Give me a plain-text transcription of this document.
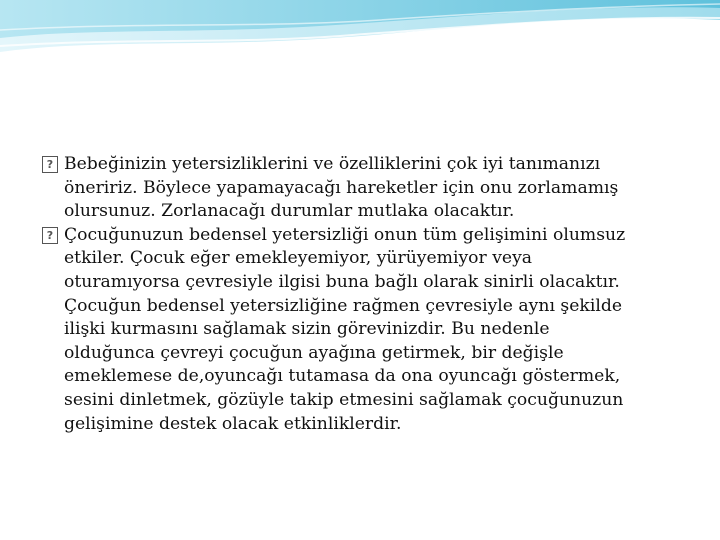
? Bebeğinizin yetersizliklerini ve özelliklerini çok iyi tanımanızı
öneririz. Böylece yapamayacağı hareketler için onu zorlamamış
olursunuz. Zorlanacağı durumlar mutlaka olacaktır.
? Çocuğunuzun bedensel yetersizliği onun tüm gelişimini olumsuz
etkiler. Çocuk eğer emekleyemiyor, yürüyemiyor veya
oturamıyorsa çevresiyle ilgisi buna bağlı olarak sinirli olacaktır.
Çocuğun bedensel yetersizliğine rağmen çevresiyle aynı şekilde
ilişki kurmasını sağlamak sizin görevinizdir. Bu nedenle
olduğunca çevreyi çocuğun ayağına getirmek, bir değişle
emeklemese de,oyuncağı tutamasa da ona oyuncağı göstermek,
sesini dinletmek, gözüyle takip etmesini sağlamak çocuğunuzun
gelişimine destek olacak etkinliklerdir.
